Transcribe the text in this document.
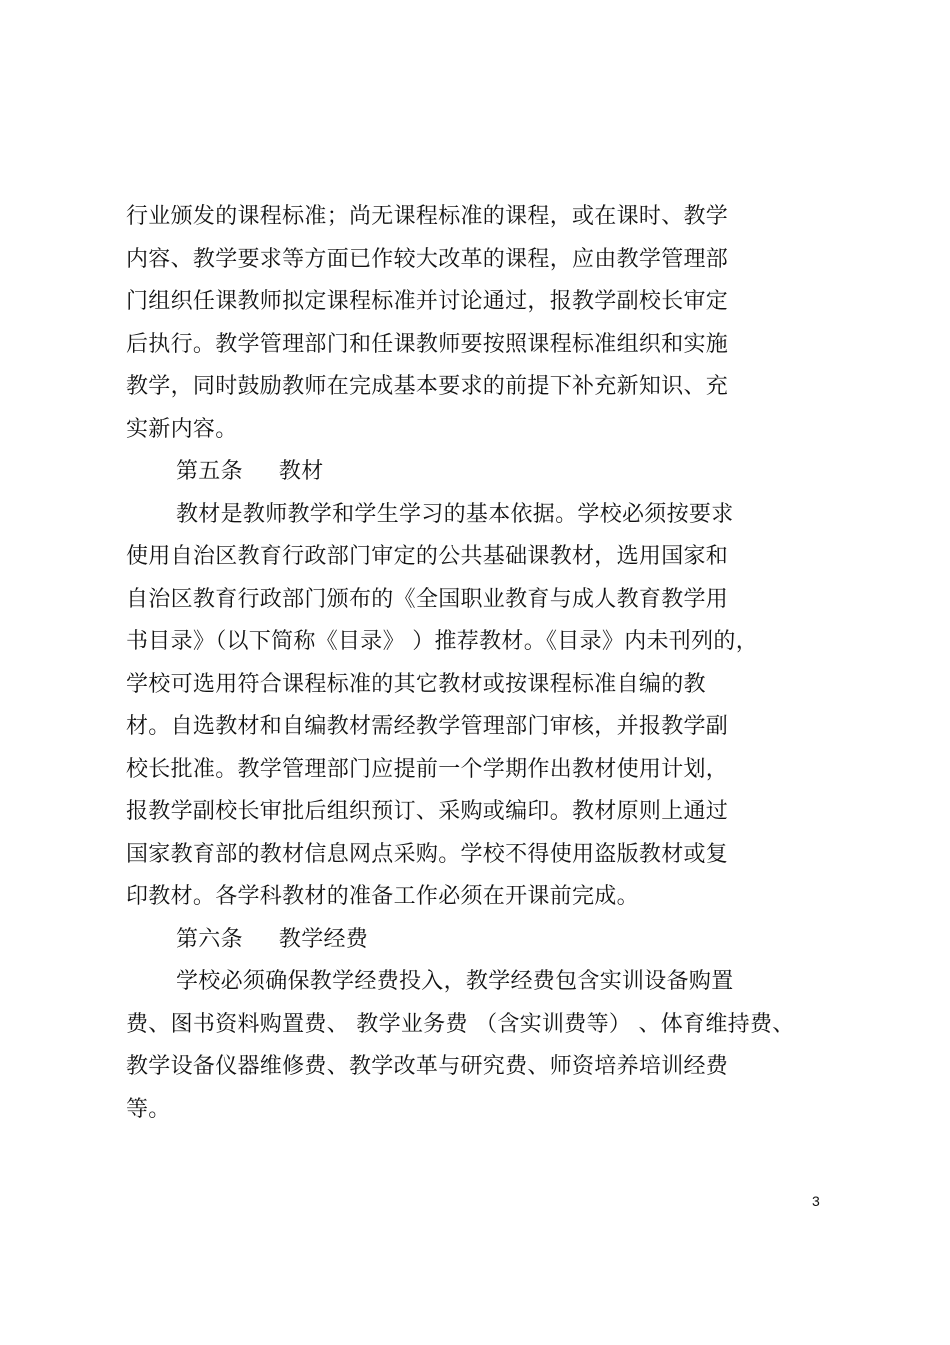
行业颁发的课程标准；尚无课程标准的课程，或在课时、教学
内容、教学要求等方面已作较大改革的课程，应由教学管理部
门组织任课教师拟定课程标准并讨论通过，报教学副校长审定
后执行。教学管理部门和任课教师要按照课程标准组织和实施
教学，同时鼓励教师在完成基本要求的前提下补充新知识、充
实新内容。
第五条 教材
教材是教师教学和学生学习的基本依据。学校必须按要求
使用自治区教育行政部门审定的公共基础课教材，选用国家和
自治区教育行政部门颁布的《全国职业教育与成人教育教学用
书目录》（以下简称《目录》 ）推荐教材。《目录》内未刊列的，
学校可选用符合课程标准的其它教材或按课程标准自编的教
材。自选教材和自编教材需经教学管理部门审核，并报教学副
校长批准。教学管理部门应提前一个学期作出教材使用计划，
报教学副校长审批后组织预订、采购或编印。教材原则上通过
国家教育部的教材信息网点采购。学校不得使用盗版教材或复
印教材。各学科教材的准备工作必须在开课前完成。
第六条 教学经费
学校必须确保教学经费投入，教学经费包含实训设备购置
费、图书资料购置费、 教学业务费 （含实训费等） 、体育维持费、
教学设备仪器维修费、教学改革与研究费、师资培养培训经费
等。
3
